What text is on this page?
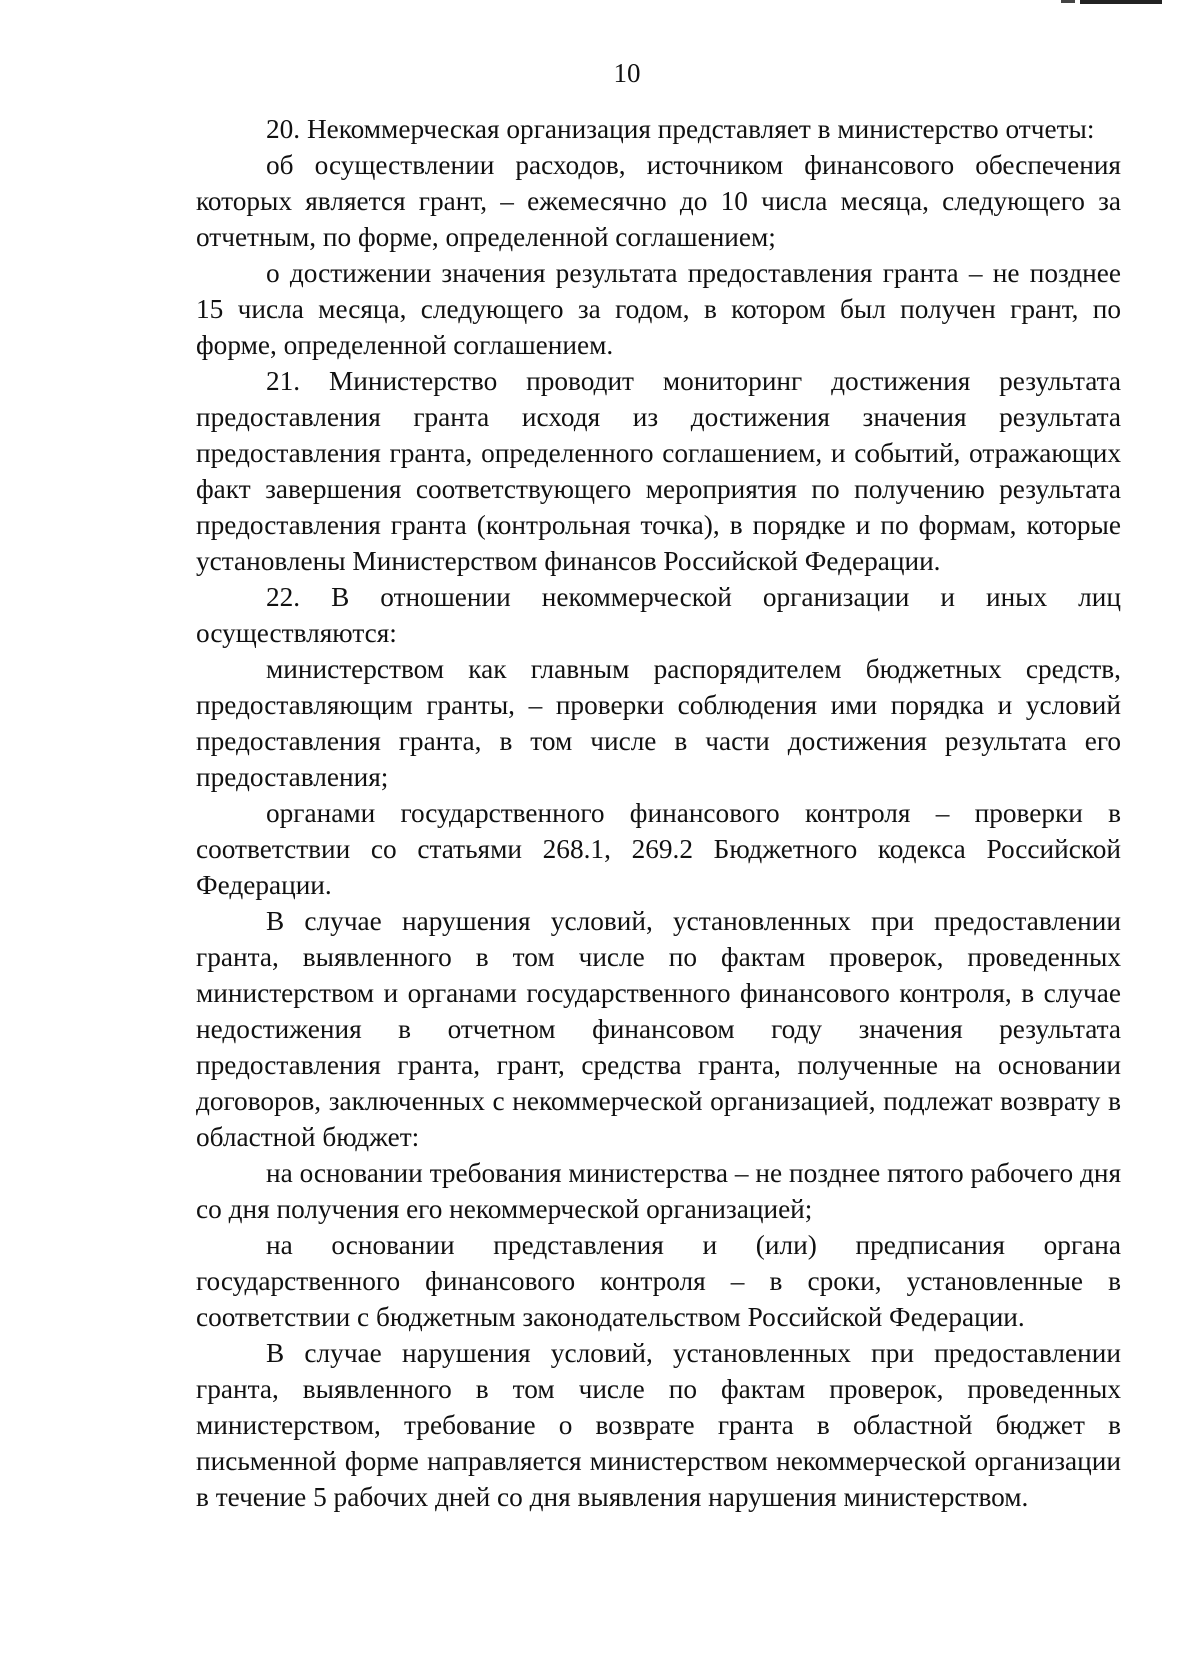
10

20. Некоммерческая организация представляет в министерство отчеты:

об осуществлении расходов, источником финансового обеспечения которых является грант, – ежемесячно до 10 числа месяца, следующего за отчетным, по форме, определенной соглашением;

о достижении значения результата предоставления гранта – не позднее 15 числа месяца, следующего за годом, в котором был получен грант, по форме, определенной соглашением.

21. Министерство проводит мониторинг достижения результата предоставления гранта исходя из достижения значения результата предоставления гранта, определенного соглашением, и событий, отражающих факт завершения соответствующего мероприятия по получению результата предоставления гранта (контрольная точка), в порядке и по формам, которые установлены Министерством финансов Российской Федерации.

22. В отношении некоммерческой организации и иных лиц осуществляются:

министерством как главным распорядителем бюджетных средств, предоставляющим гранты, – проверки соблюдения ими порядка и условий предоставления гранта, в том числе в части достижения результата его предоставления;

органами государственного финансового контроля – проверки в соответствии со статьями 268.1, 269.2 Бюджетного кодекса Российской Федерации.

В случае нарушения условий, установленных при предоставлении гранта, выявленного в том числе по фактам проверок, проведенных министерством и органами государственного финансового контроля, в случае недостижения в отчетном финансовом году значения результата предоставления гранта, грант, средства гранта, полученные на основании договоров, заключенных с некоммерческой организацией, подлежат возврату в областной бюджет:

на основании требования министерства – не позднее пятого рабочего дня со дня получения его некоммерческой организацией;

на основании представления и (или) предписания органа государственного финансового контроля – в сроки, установленные в соответствии с бюджетным законодательством Российской Федерации.

В случае нарушения условий, установленных при предоставлении гранта, выявленного в том числе по фактам проверок, проведенных министерством, требование о возврате гранта в областной бюджет в письменной форме направляется министерством некоммерческой организации в течение 5 рабочих дней со дня выявления нарушения министерством.
